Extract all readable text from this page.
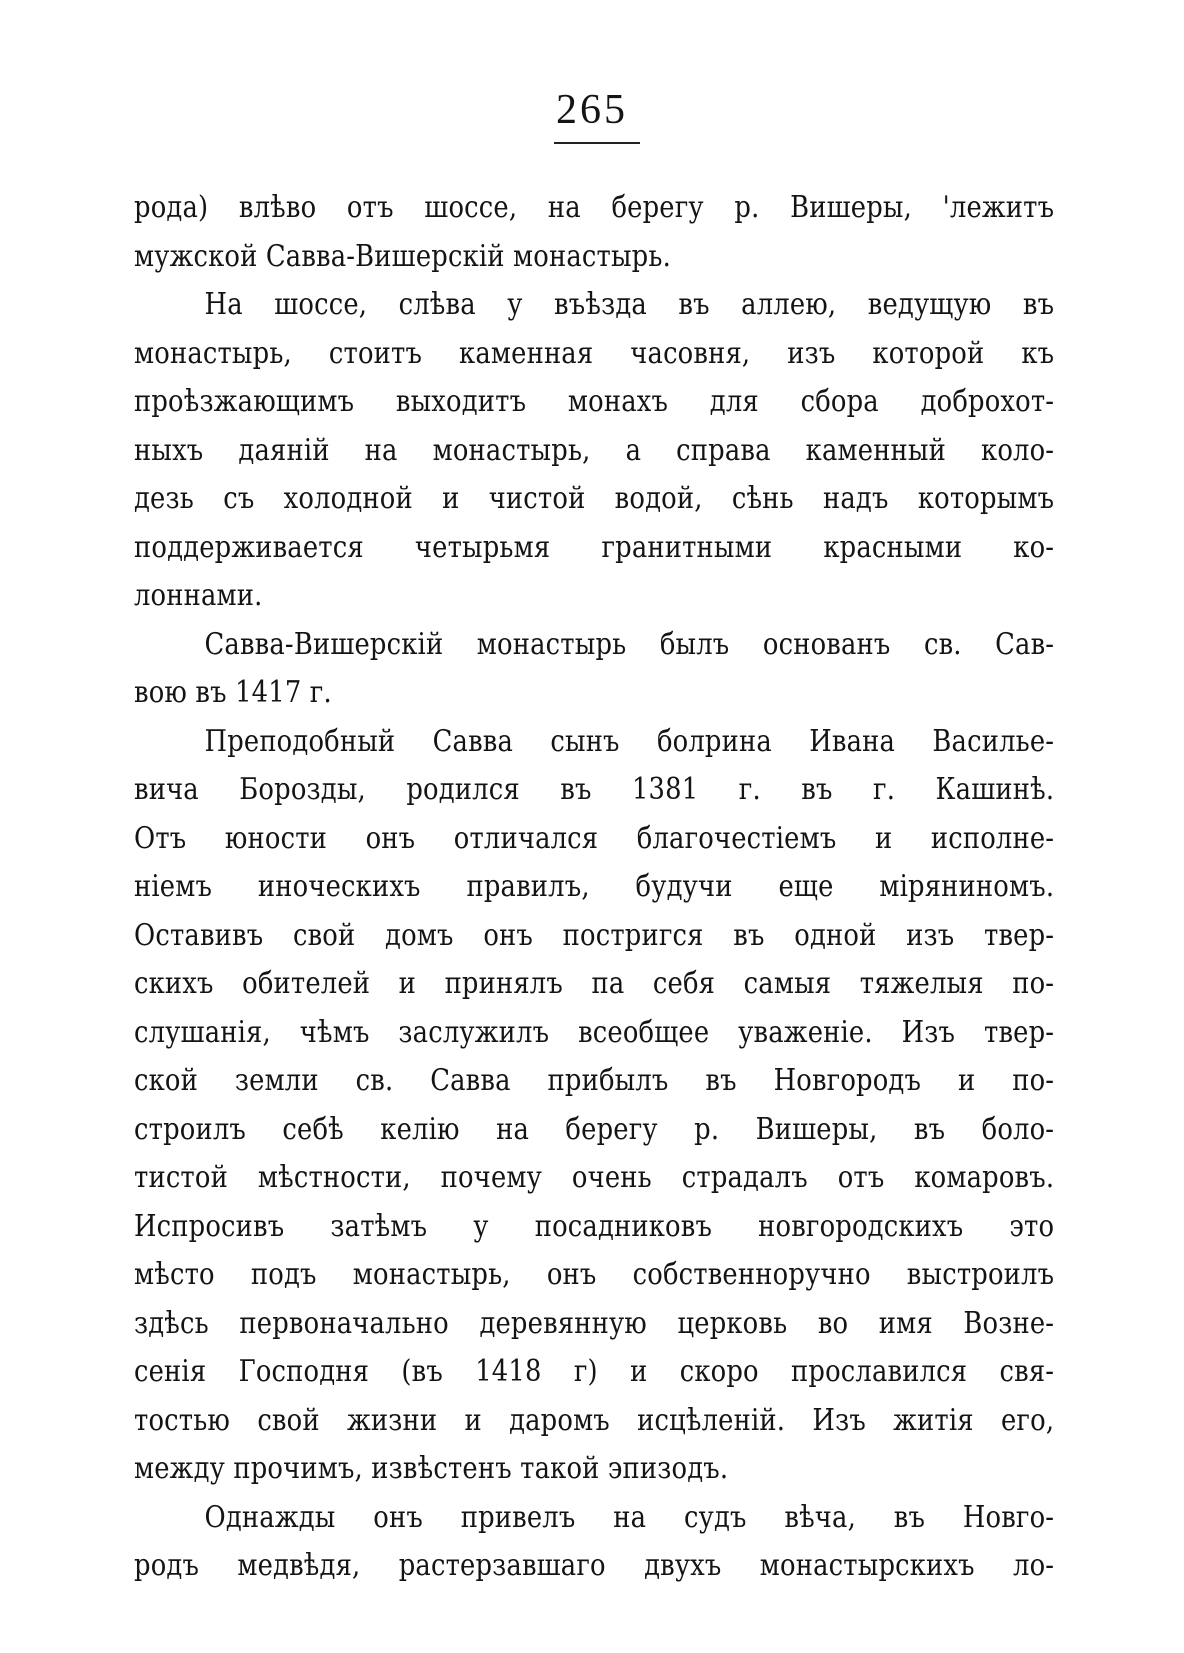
265
рода) влѣво отъ шоссе, на берегу р. Вишеры, 'лежитъ
мужской Савва-Вишерскій монастырь.
На шоссе, слѣва у въѣзда въ аллею, ведущую въ
монастырь, стоитъ каменная часовня, изъ которой къ
проѣзжающимъ выходитъ монахъ для сбора доброхот-
ныхъ даяній на монастырь, а справа каменный коло-
дезь съ холодной и чистой водой, сѣнь надъ которымъ
поддерживается четырьмя гранитными красными ко-
лоннами.
Савва-Вишерскій монастырь былъ основанъ св. Сав-
вою въ 1417 г.
Преподобный Савва сынъ болрина Ивана Васильe-
вича Борозды, родился въ 1381 г. въ г. Кашинѣ.
Отъ юности онъ отличался благочестіемъ и исполне-
ніемъ иноческихъ правилъ, будучи еще міряниномъ.
Оставивъ свой домъ онъ постригся въ одной изъ твер-
скихъ обителей и принялъ па себя самыя тяжелыя по-
слушанія, чѣмъ заслужилъ всеобщее уваженіе. Изъ твер-
ской земли св. Савва прибылъ въ Новгородъ и по-
строилъ себѣ келію на берегу р. Вишеры, въ боло-
тистой мѣстности, почему очень страдалъ отъ комаровъ.
Испросивъ затѣмъ у посадниковъ новгородскихъ это
мѣсто подъ монастырь, онъ собственноручно выстроилъ
здѣсь первоначально деревянную церковь во имя Возне-
сенія Господня (въ 1418 г) и скоро прославился свя-
тостью свой жизни и даромъ исцѣленій. Изъ житія его,
между прочимъ, извѣстенъ такой эпизодъ.
Однажды онъ привелъ на судъ вѣча, въ Новго-
родъ медвѣдя, растерзавшаго двухъ монастырскихъ ло-
